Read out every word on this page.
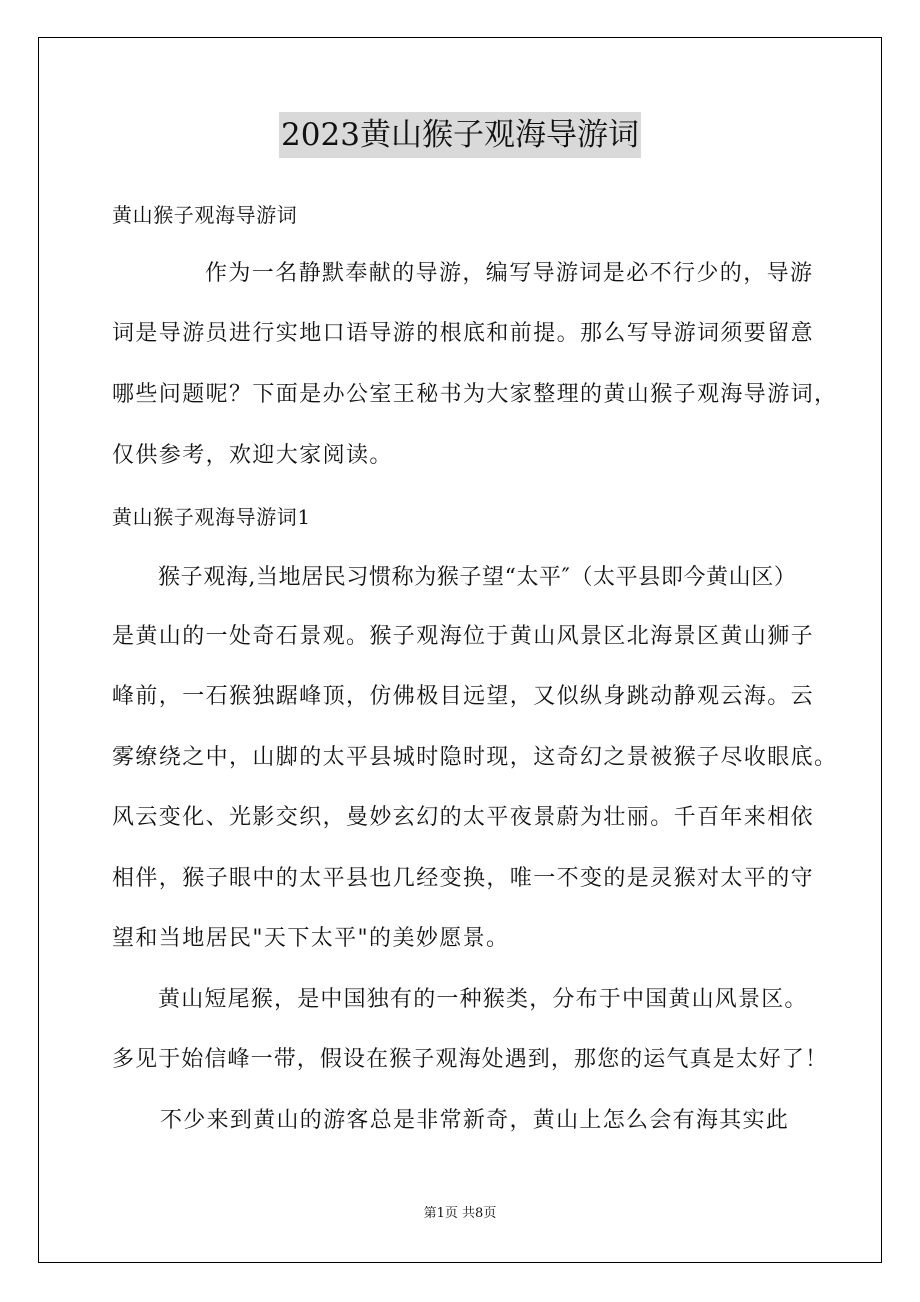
2023黄山猴子观海导游词
黄山猴子观海导游词
作为一名静默奉献的导游，编写导游词是必不行少的，导游
词是导游员进行实地口语导游的根底和前提。那么写导游词须要留意
哪些问题呢？下面是办公室王秘书为大家整理的黄山猴子观海导游词，
仅供参考，欢迎大家阅读。
黄山猴子观海导游词1
猴子观海,当地居民习惯称为猴子望“太平″（太平县即今黄山区）
是黄山的一处奇石景观。猴子观海位于黄山风景区北海景区黄山狮子
峰前，一石猴独踞峰顶，仿佛极目远望，又似纵身跳动静观云海。云
雾缭绕之中，山脚的太平县城时隐时现，这奇幻之景被猴子尽收眼底。
风云变化、光影交织，曼妙玄幻的太平夜景蔚为壮丽。千百年来相依
相伴，猴子眼中的太平县也几经变换，唯一不变的是灵猴对太平的守
望和当地居民"天下太平"的美妙愿景。
黄山短尾猴，是中国独有的一种猴类，分布于中国黄山风景区。
多见于始信峰一带，假设在猴子观海处遇到，那您的运气真是太好了！
不少来到黄山的游客总是非常新奇，黄山上怎么会有海其实此
第1页 共8页
